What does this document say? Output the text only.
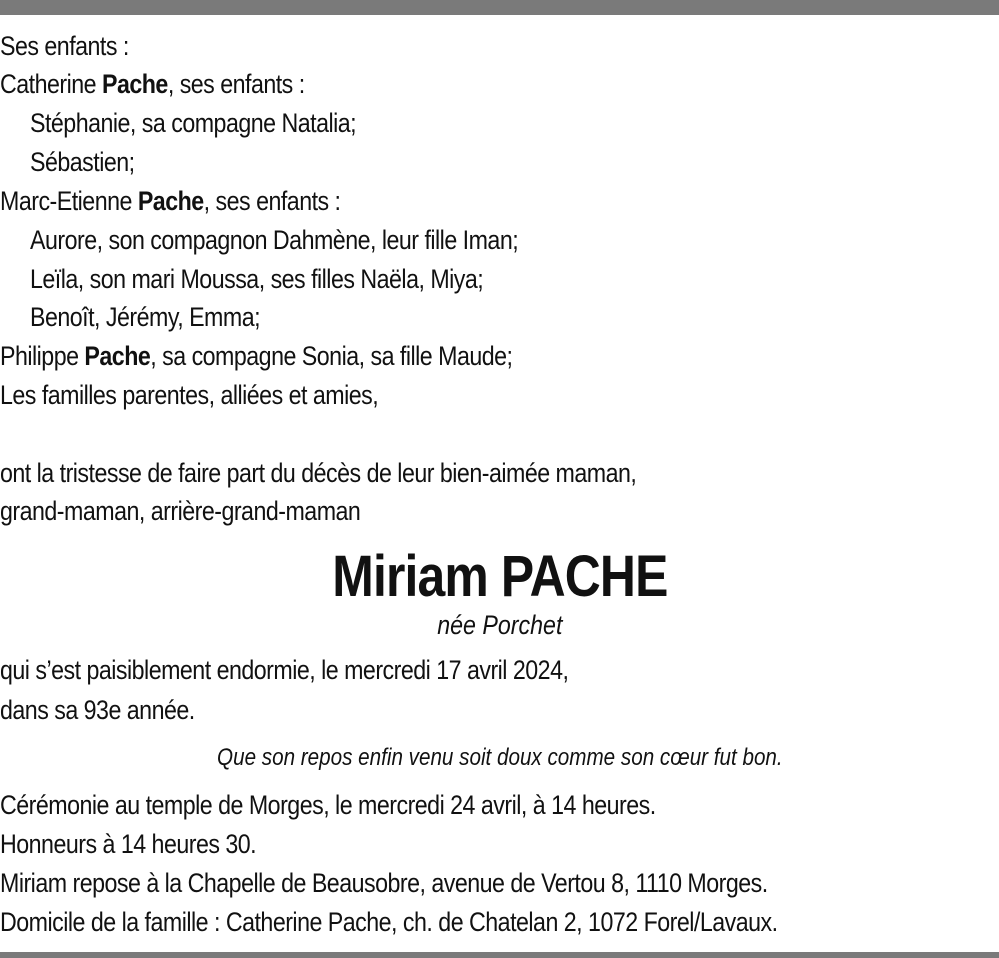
Ses enfants :
Catherine Pache, ses enfants :
Stéphanie, sa compagne Natalia;
Sébastien;
Marc-Etienne Pache, ses enfants :
Aurore, son compagnon Dahmène, leur fille Iman;
Leïla, son mari Moussa, ses filles Naëla, Miya;
Benoît, Jérémy, Emma;
Philippe Pache, sa compagne Sonia, sa fille Maude;
Les familles parentes, alliées et amies,
ont la tristesse de faire part du décès de leur bien-aimée maman,
grand-maman, arrière-grand-maman
Miriam PACHE
née Porchet
qui s’est paisiblement endormie, le mercredi 17 avril 2024,
dans sa 93e année.
Que son repos enfin venu soit doux comme son cœur fut bon.
Cérémonie au temple de Morges, le mercredi 24 avril, à 14 heures.
Honneurs à 14 heures 30.
Miriam repose à la Chapelle de Beausobre, avenue de Vertou 8, 1110 Morges.
Domicile de la famille : Catherine Pache, ch. de Chatelan 2, 1072 Forel/Lavaux.
